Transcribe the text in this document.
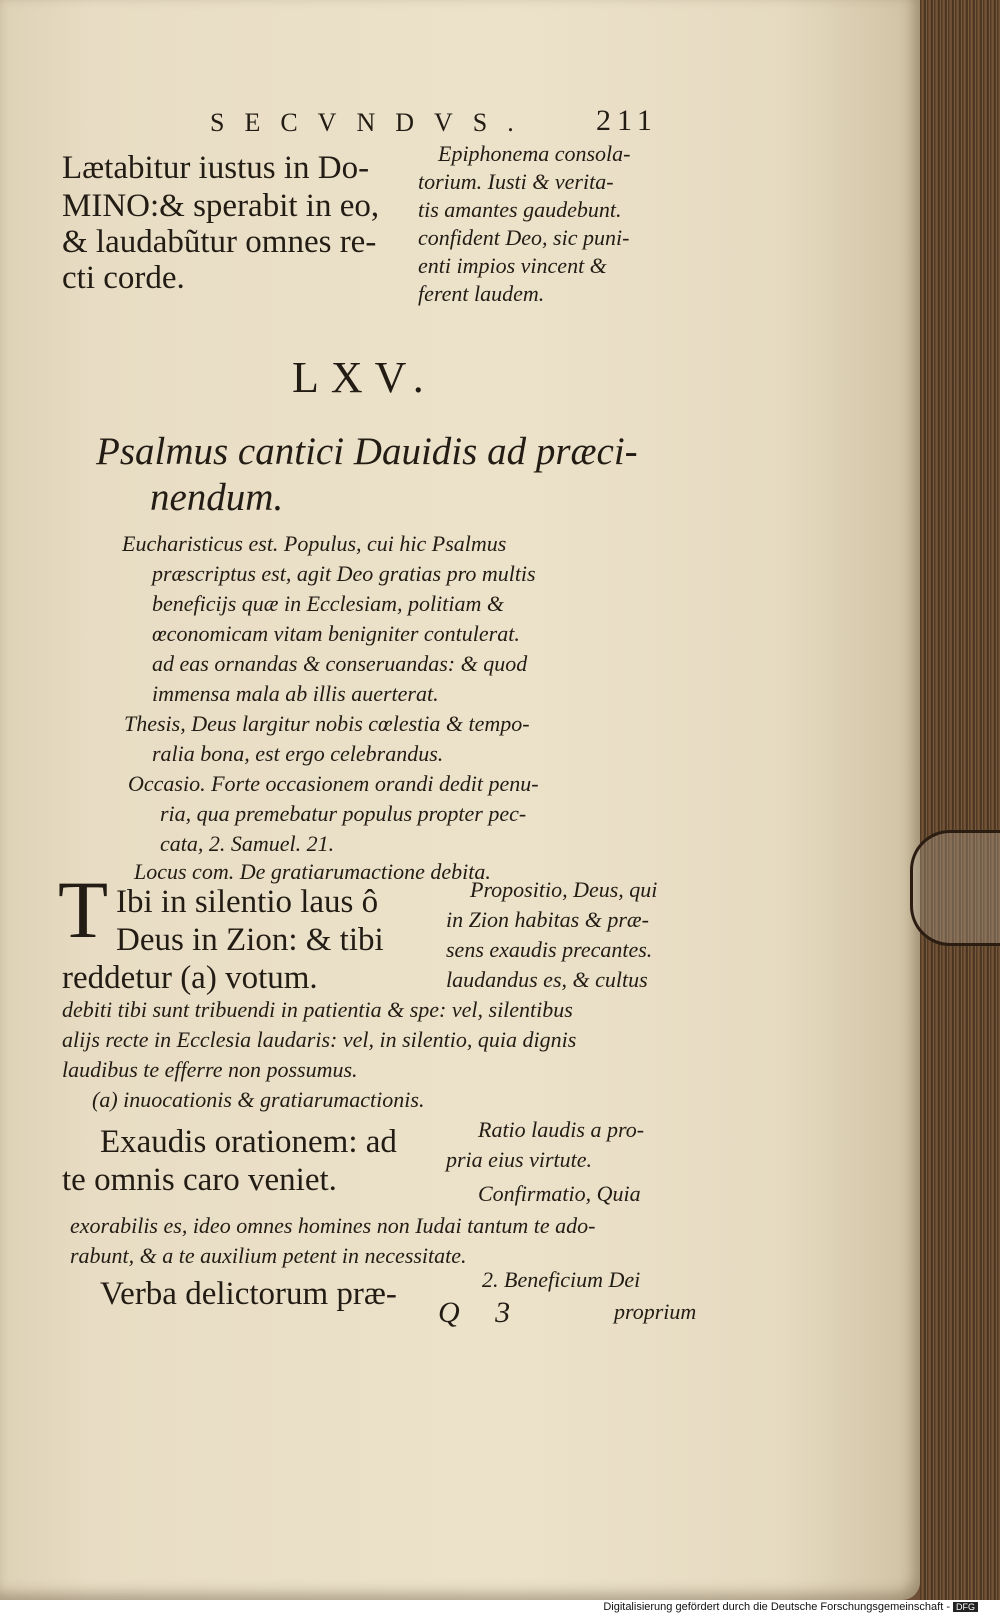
SECVNDVS. 211
Lætabitur iustus in Do-
MINO:& sperabit in eo,
& laudabũtur omnes re-
cti corde.
Epiphonema consola-
torium. Iusti & verita-
tis amantes gaudebunt.
confident Deo, sic puni-
enti impios vincent &
ferent laudem.
LXV.
Psalmus cantici Dauidis ad præci-
nendum.
Eucharisticus est. Populus, cui hic Psalmus
præscriptus est, agit Deo gratias pro multis
beneficijs quæ in Ecclesiam, politiam &
œconomicam vitam benigniter contulerat.
ad eas ornandas & conseruandas: & quod
immensa mala ab illis auerterat.
Thesis, Deus largitur nobis cœlestia & tempo-
ralia bona, est ergo celebrandus.
Occasio. Forte occasionem orandi dedit penu-
ria, qua premebatur populus propter pec-
cata, 2. Samuel. 21.
Locus com. De gratiarumactione debita.
T Ibi in silentio laus ô
Deus in Zion: & tibi
reddetur (a) votum.
Propositio, Deus, qui
in Zion habitas & præ-
sens exaudis precantes.
laudandus es, & cultus
debiti tibi sunt tribuendi in patientia & spe: vel, silentibus
alijs recte in Ecclesia laudaris: vel, in silentio, quia dignis
laudibus te efferre non possumus.
(a) inuocationis & gratiarumactionis.
Exaudis orationem: ad
te omnis caro veniet.
Ratio laudis a pro-
pria eius virtute.
Confirmatio, Quia
exorabilis es, ideo omnes homines non Iudai tantum te ado-
rabunt, & a te auxilium petent in necessitate.
Verba delictorum præ-	2. Beneficium Dei
proprium
Q 3
Digitalisierung gefördert durch die Deutsche Forschungsgemeinschaft - DFG
